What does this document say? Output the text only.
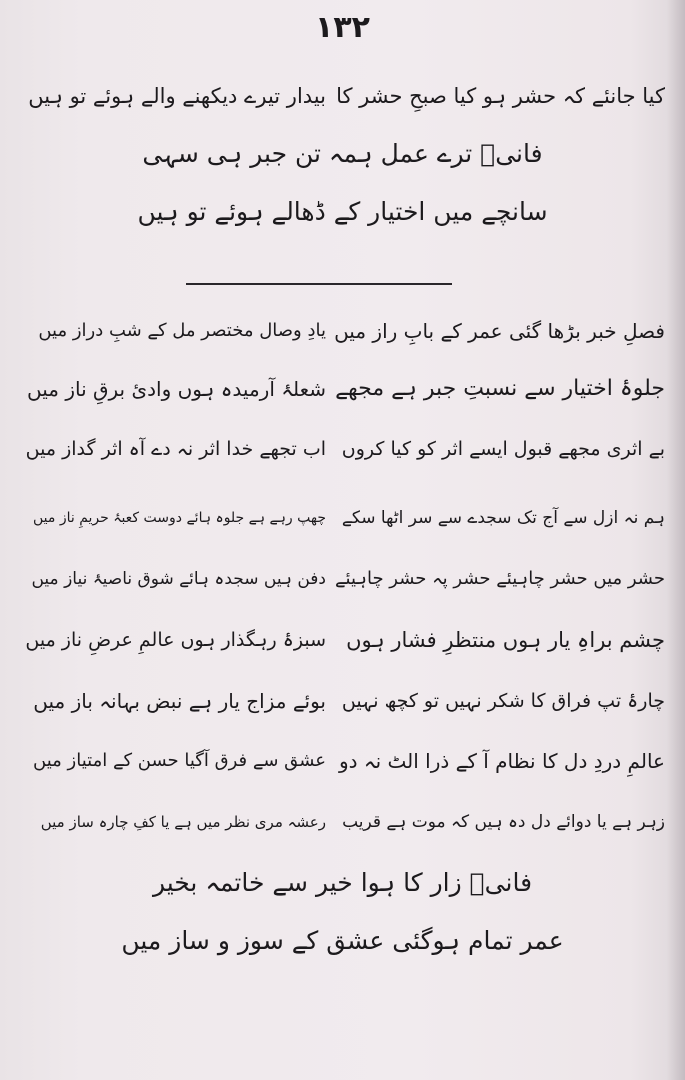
۱۳۲
کیا جانئے کہ حشر ہو کیا صبحِ حشر کا
بیدار تیرے دیکھنے والے ہوئے تو ہیں
فانیؔ ترے عمل ہمہ تن جبر ہی سہی
سانچے میں اختیار کے ڈھالے ہوئے تو ہیں
فصلِ خبر بڑھا گئی عمر کے بابِ راز میں
یادِ وصال مختصر مل کے شبِ دراز میں
جلوۂ اختیار سے نسبتِ جبر ہے مجھے
شعلۂ آرمیدہ ہوں وادیٔ برقِ ناز میں
بے اثری مجھے قبول ایسے اثر کو کیا کروں
اب تجھے خدا اثر نہ دے آہ اثر گداز میں
ہم نہ ازل سے آج تک سجدے سے سر اٹھا سکے
چھپ رہے ہے جلوہ ہائے دوست کعبۂ حریمِ ناز میں
حشر میں حشر چاہیئے حشر پہ حشر چاہیئے
دفن ہیں سجدہ ہائے شوق ناصیۂ نیاز میں
چشم براہِ یار ہوں منتظرِ فشار ہوں
سبزۂ رہگذار ہوں عالمِ عرضِ ناز میں
چارۂ تپ فراق کا شکر نہیں تو کچھ نہیں
بوئے مزاج یار ہے نبض بہانہ باز میں
عالمِ دردِ دل کا نظام آ کے ذرا الٹ نہ دو
عشق سے فرق آگیا حسن کے امتیاز میں
زہر ہے یا دوائے دل دہ ہیں کہ موت ہے قریب
رعشہ مری نظر میں ہے یا کفِ چارہ ساز میں
فانیؔ زار کا ہوا خیر سے خاتمہ بخیر
عمر تمام ہوگئی عشق کے سوز و ساز میں
